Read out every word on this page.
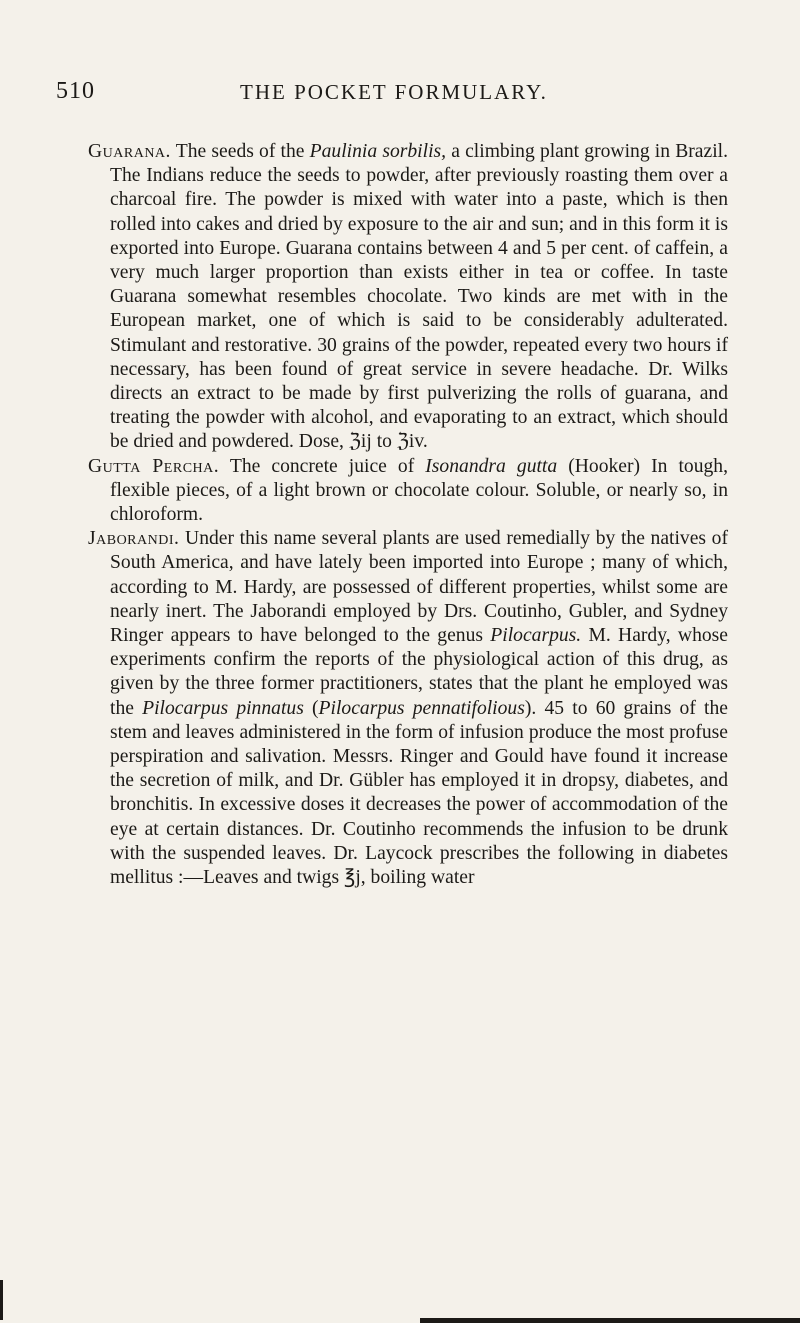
510	THE POCKET FORMULARY.

Guarana. The seeds of the Paulinia sorbilis, a climbing plant growing in Brazil. The Indians reduce the seeds to powder, after previously roasting them over a charcoal fire. The powder is mixed with water into a paste, which is then rolled into cakes and dried by exposure to the air and sun; and in this form it is exported into Europe. Guarana contains between 4 and 5 per cent. of caffein, a very much larger proportion than exists either in tea or coffee. In taste Guarana somewhat resembles chocolate. Two kinds are met with in the European market, one of which is said to be considerably adulterated. Stimulant and restorative. 30 grains of the powder, repeated every two hours if necessary, has been found of great service in severe headache. Dr. Wilks directs an extract to be made by first pulverizing the rolls of guarana, and treating the powder with alcohol, and evaporating to an extract, which should be dried and powdered. Dose, ℨij to ℨiv.

Gutta Percha. The concrete juice of Isonandra gutta (Hooker) In tough, flexible pieces, of a light brown or chocolate colour. Soluble, or nearly so, in chloroform.

Jaborandi. Under this name several plants are used remedially by the natives of South America, and have lately been imported into Europe ; many of which, according to M. Hardy, are possessed of different properties, whilst some are nearly inert. The Jaborandi employed by Drs. Coutinho, Gubler, and Sydney Ringer appears to have belonged to the genus Pilocarpus. M. Hardy, whose experiments confirm the reports of the physiological action of this drug, as given by the three former practitioners, states that the plant he employed was the Pilocarpus pinnatus (Pilocarpus pennatifolious). 45 to 60 grains of the stem and leaves administered in the form of infusion produce the most profuse perspiration and salivation. Messrs. Ringer and Gould have found it increase the secretion of milk, and Dr. Gübler has employed it in dropsy, diabetes, and bronchitis. In excessive doses it decreases the power of accommodation of the eye at certain distances. Dr. Coutinho recommends the infusion to be drunk with the suspended leaves. Dr. Laycock prescribes the following in diabetes mellitus :—Leaves and twigs ℥j, boiling water
